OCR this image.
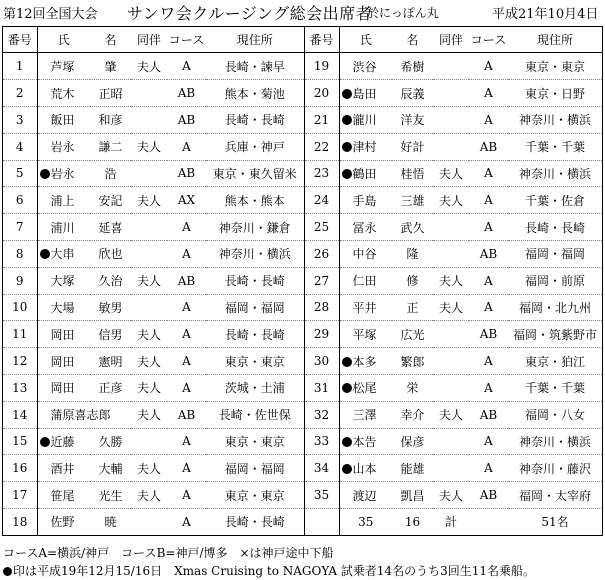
第12回全国大会 サンワ会クルージング総会出席者
於にっぽん丸	平成21年10月4日
番号	氏	名	同伴	コース	現住所	番号	氏	名	同伴	コース	現住所
1	芦塚	肇	夫人	A	長崎・諫早	19	渋谷	希樹		A	東京・東京
2	荒木	正昭		AB	熊本・菊池	20	島田	辰義		A	東京・日野
3	飯田	和彦		AB	長崎・長崎	21	瀧川	洋友		A	神奈川・横浜
4	岩永	謙二	夫人	A	兵庫・神戸	22	津村	好計		AB	千葉・千葉
5	岩永	浩		AB	東京・東久留米	23	鶴田	桂悟	夫人	A	神奈川・横浜
6	浦上	安記	夫人	AX	熊本・熊本	24	手島	三雄	夫人	A	千葉・佐倉
7	浦川	延喜		A	神奈川・鎌倉	25	冨永	武久		A	長崎・長崎
8	大串	欣也		A	神奈川・横浜	26	中谷	隆		AB	福岡・福岡
9	大塚	久治	夫人	AB	長崎・長崎	27	仁田	修	夫人	A	福岡・前原
10	大場	敏男		A	福岡・福岡	28	平井	正	夫人	A	福岡・北九州
11	岡田	信男	夫人	A	長崎・長崎	29	平塚	広光		AB	福岡・筑紫野市
12	岡田	憲明	夫人	A	東京・東京	30	本多	繁郎		A	東京・狛江
13	岡田	正彦	夫人	A	茨城・土浦	31	松尾	栄		A	千葉・千葉
14	蒲原喜志郎		夫人	AB	長崎・佐世保	32	三澤	幸介	夫人	AB	福岡・八女
15	近藤	久勝		A	東京・東京	33	本告	保彦		A	神奈川・横浜
16	酒井	大輔	夫人	A	福岡・福岡	34	山本	能雄		A	神奈川・藤沢
17	笹尾	光生	夫人	A	東京・東京	35	渡辺	凱昌	夫人	AB	福岡・太宰府
18	佐野	暁		A	長崎・長崎		35	16	計		51名
コースA=横浜/神戸　コースB=神戸/博多　×は神戸途中下船
印は平成19年12月15/16日　Xmas Cruising to NAGOYA 試乗者14名のうち3回生11名乗船。
